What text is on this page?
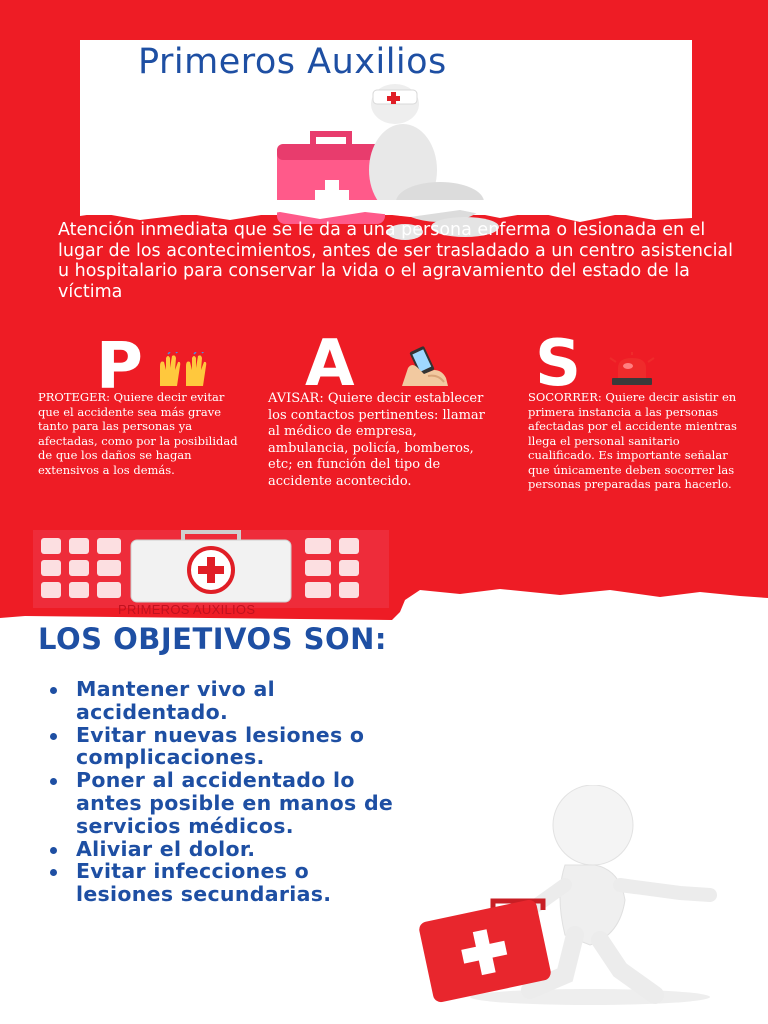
Primeros Auxilios
Atención inmediata que se le da a una persona enferma o lesionada en el lugar de los acontecimientos, antes de ser trasladado a un centro asistencial u hospitalario para conservar la vida o el agravamiento del estado de la víctima
P	A	S
PROTEGER: Quiere decir evitar que el accidente sea más grave tanto para las personas ya afectadas, como por la posibilidad de que los daños se hagan extensivos a los demás.
AVISAR: Quiere decir establecer los contactos pertinentes: llamar al médico de empresa, ambulancia, policía, bomberos, etc; en función del tipo de accidente acontecido.
SOCORRER: Quiere decir asistir en primera instancia a las personas afectadas por el accidente mientras llega el personal sanitario cualificado. Es importante señalar que únicamente deben socorrer las personas preparadas para hacerlo.
PRIMEROS AUXILIOS
LOS OBJETIVOS SON:
Mantener vivo al accidentado.
Evitar nuevas lesiones o complicaciones.
Poner al accidentado lo antes posible en manos de servicios médicos.
Aliviar el dolor.
Evitar infecciones o lesiones secundarias.
